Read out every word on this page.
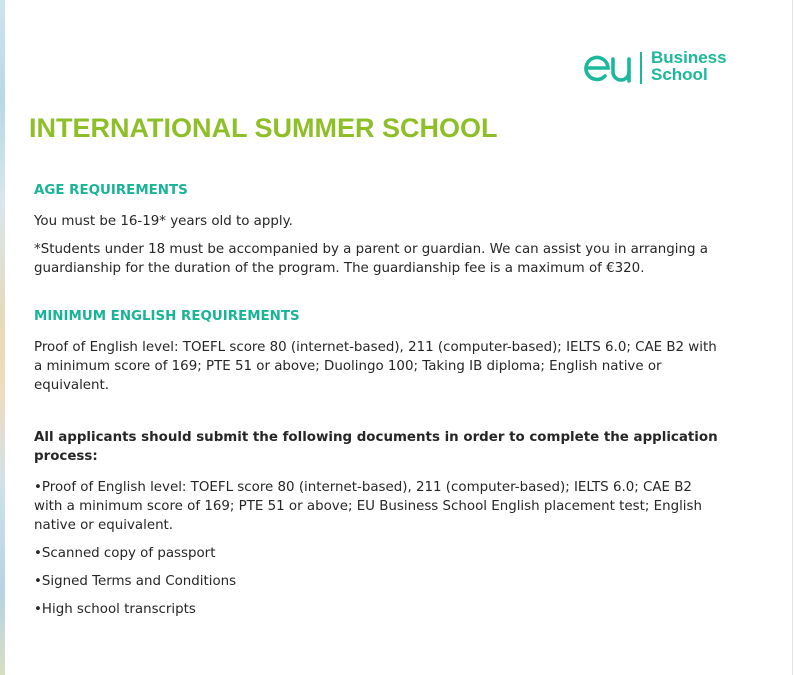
Business
School
INTERNATIONAL SUMMER SCHOOL
AGE REQUIREMENTS

You must be 16-19* years old to apply.

*Students under 18 must be accompanied by a parent or guardian. We can assist you in arranging a guardianship for the duration of the program. The guardianship fee is a maximum of €320.

MINIMUM ENGLISH REQUIREMENTS

Proof of English level: TOEFL score 80 (internet-based), 211 (computer-based); IELTS 6.0; CAE B2 with a minimum score of 169; PTE 51 or above; Duolingo 100; Taking IB diploma; English native or equivalent.

All applicants should submit the following documents in order to complete the application process:

•Proof of English level: TOEFL score 80 (internet-based), 211 (computer-based); IELTS 6.0; CAE B2 with a minimum score of 169; PTE 51 or above; EU Business School English placement test; English native or equivalent.

•Scanned copy of passport

•Signed Terms and Conditions

•High school transcripts
